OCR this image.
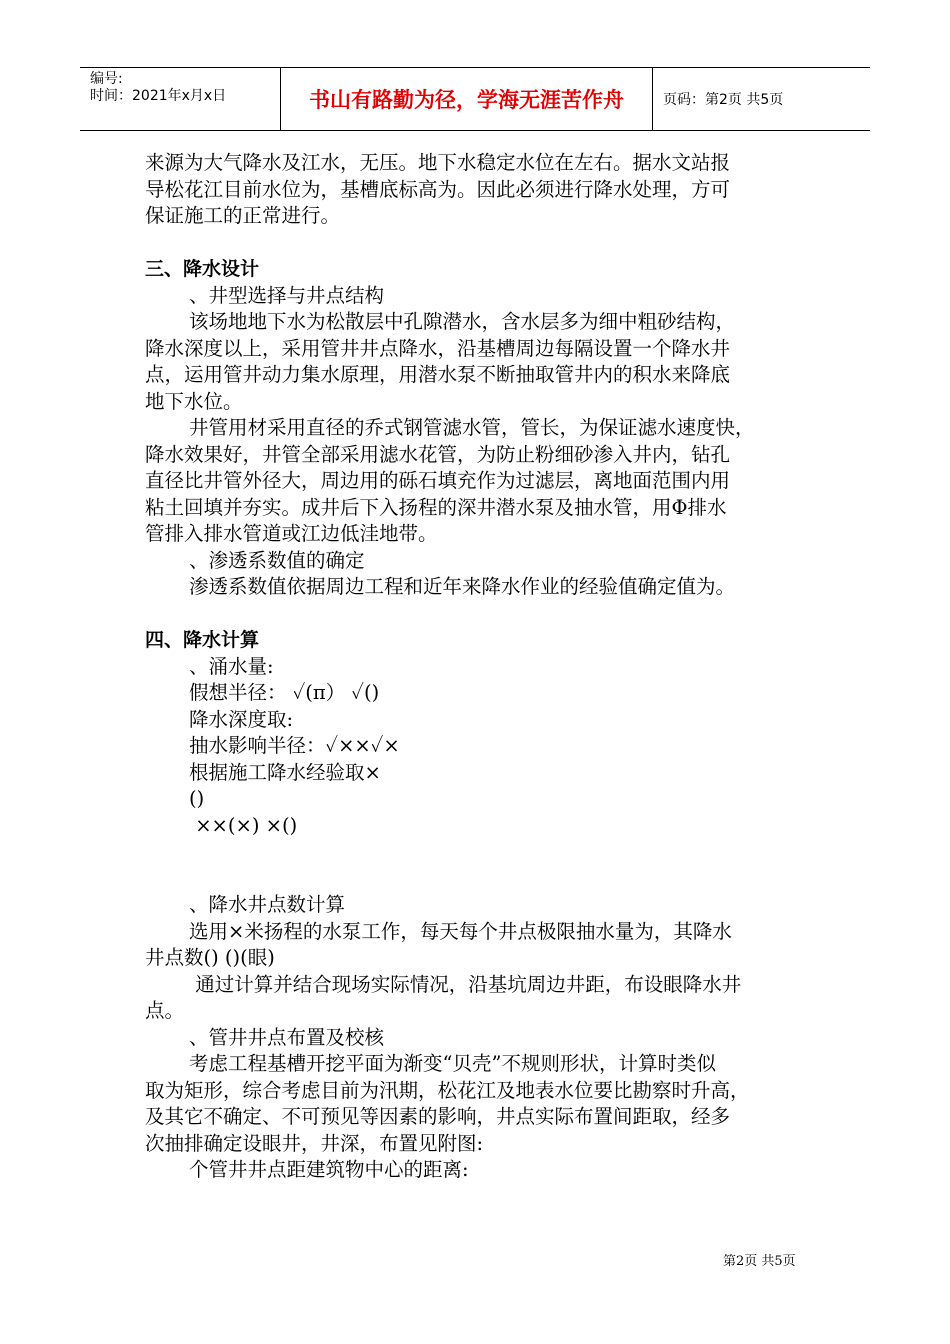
编号:
时间：2021年x月x日	书山有路勤为径，学海无涯苦作舟	页码：第2页 共5页
来源为大气降水及江水，无压。地下水稳定水位在左右。据水文站报
导松花江目前水位为，基槽底标高为。因此必须进行降水处理，方可
保证施工的正常进行。
三、降水设计
、井型选择与井点结构
该场地地下水为松散层中孔隙潜水，含水层多为细中粗砂结构，
降水深度以上，采用管井井点降水，沿基槽周边每隔设置一个降水井
点，运用管井动力集水原理，用潜水泵不断抽取管井内的积水来降底
地下水位。
井管用材采用直径的乔式钢管滤水管，管长，为保证滤水速度快，
降水效果好，井管全部采用滤水花管，为防止粉细砂渗入井内，钻孔
直径比井管外径大，周边用的砾石填充作为过滤层，离地面范围内用
粘土回填并夯实。成井后下入扬程的深井潜水泵及抽水管，用Φ排水
管排入排水管道或江边低洼地带。
、渗透系数值的确定
渗透系数值依据周边工程和近年来降水作业的经验值确定值为。
四、降水计算
、涌水量:
假想半径： ✓(π） ✓()
降水深度取:
抽水影响半径：✓××✓×
根据施工降水经验取×
()
××(×) ×()
、降水井点数计算
选用×米扬程的水泵工作，每天每个井点极限抽水量为，其降水
井点数() ()(眼)
通过计算并结合现场实际情况，沿基坑周边井距，布设眼降水井
点。
、管井井点布置及校核
考虑工程基槽开挖平面为渐变“贝壳”不规则形状，计算时类似
取为矩形，综合考虑目前为汛期，松花江及地表水位要比勘察时升高，
及其它不确定、不可预见等因素的影响，井点实际布置间距取，经多
次抽排确定设眼井，井深，布置见附图:
个管井井点距建筑物中心的距离:
第2页 共5页
